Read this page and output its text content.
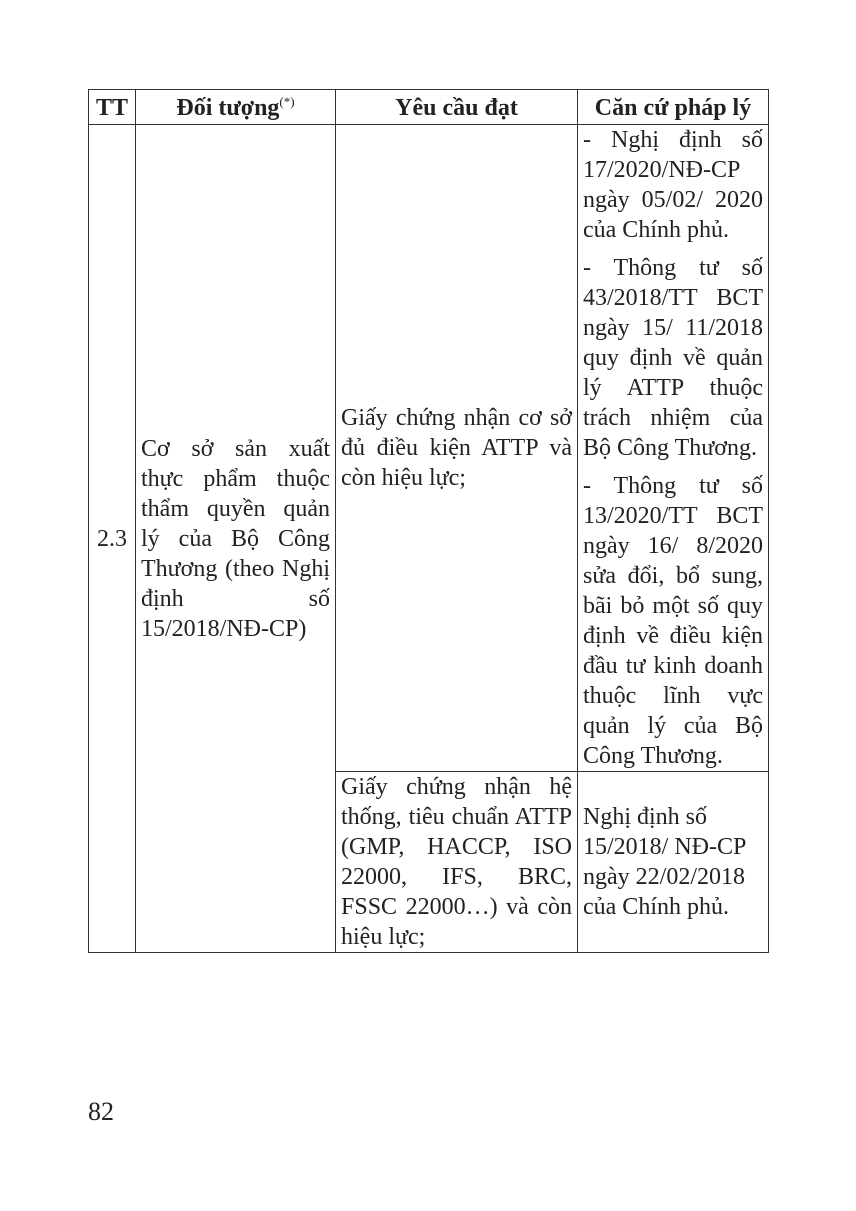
TT	Đối tượng(*)	Yêu cầu đạt	Căn cứ pháp lý
2.3	Cơ sở sản xuất thực phẩm thuộc thẩm quyền quản lý của Bộ Công Thương (theo Nghị định số 15/2018/NĐ-CP)	Giấy chứng nhận cơ sở đủ điều kiện ATTP và còn hiệu lực;	- Nghị định số 17/2020/NĐ-CP ngày 05/02/ 2020 của Chính phủ.
- Thông tư số 43/2018/TT BCT ngày 15/ 11/2018 quy định về quản lý ATTP thuộc trách nhiệm của Bộ Công Thương.
- Thông tư số 13/2020/TT BCT ngày 16/ 8/2020 sửa đổi, bổ sung, bãi bỏ một số quy định về điều kiện đầu tư kinh doanh thuộc lĩnh vực quản lý của Bộ Công Thương.

		Giấy chứng nhận hệ thống, tiêu chuẩn ATTP (GMP, HACCP, ISO 22000, IFS, BRC, FSSC 22000…) và còn hiệu lực;	Nghị định số 15/2018/ NĐ-CP ngày 22/02/2018 của Chính phủ.
82
